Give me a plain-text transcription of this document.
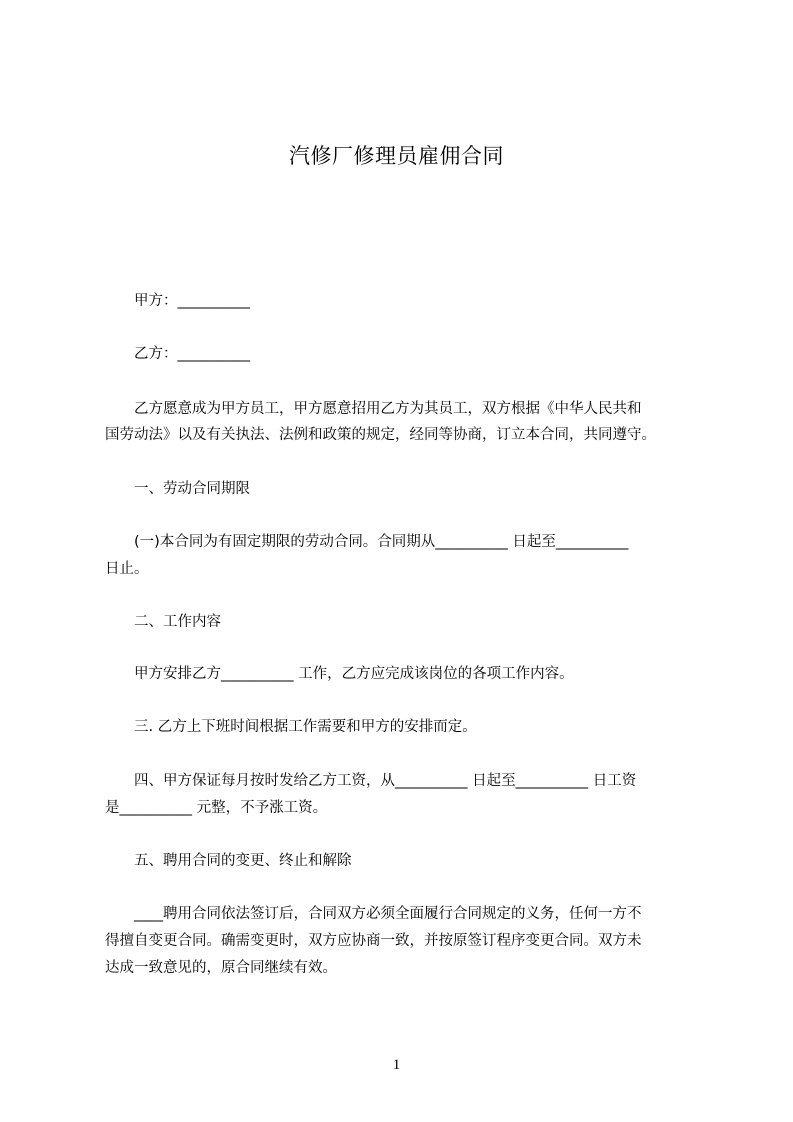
汽修厂修理员雇佣合同
　　甲方：__________
　　乙方：__________
　　乙方愿意成为甲方员工，甲方愿意招用乙方为其员工，双方根据《中华人民共和
国劳动法》以及有关执法、法例和政策的规定，经同等协商，订立本合同，共同遵守。
　　一、劳动合同期限
　　(一)本合同为有固定期限的劳动合同。合同期从__________ 日起至__________
日止。
　　二、工作内容
　　甲方安排乙方__________ 工作，乙方应完成该岗位的各项工作内容。
　　三. 乙方上下班时间根据工作需要和甲方的安排而定。
　　四、甲方保证每月按时发给乙方工资，从__________ 日起至__________ 日工资
是__________ 元整，不予涨工资。
　　五、聘用合同的变更、终止和解除
　　____聘用合同依法签订后，合同双方必须全面履行合同规定的义务，任何一方不
得擅自变更合同。确需变更时，双方应协商一致，并按原签订程序变更合同。双方未
达成一致意见的，原合同继续有效。
1
